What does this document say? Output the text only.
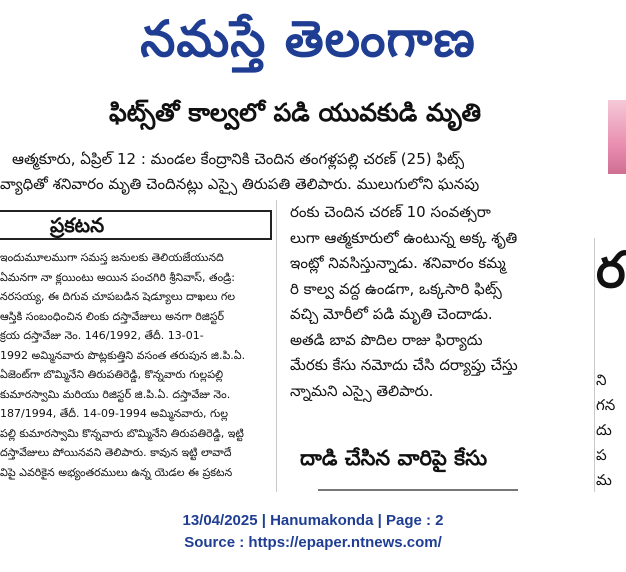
నమస్తే తెలంగాణ
ఫిట్స్‌తో కాల్వలో పడి యువకుడి మృతి
ఆత్మకూరు, ఏప్రిల్ 12 : మండల కేంద్రానికి చెందిన తంగళ్లపల్లి చరణ్ (25) ఫిట్స్
వ్యాధితో శనివారం మృతి చెందినట్లు ఎస్సై తిరుపతి తెలిపారు. ములుగులోని ఘనపు
ప్రకటన
ఇందుమూలముగా సమస్త జనులకు తెలియజేయునది
ఏమనగా నా క్లయింటు అయిన పంచగిరి శ్రీనివాస్, తండ్రి:
నరసయ్య, ఈ దిగువ చూపబడిన షెడ్యూలు దాఖలు గల
ఆస్తికి సంబంధించిన లింకు దస్తావేజులు అనగా రిజిస్టర్
క్రయ దస్తావేజు నెం. 146/1992, తేదీ. 13-01-
1992 అమ్మినవారు పొట్లకుత్తిని వసంత తరుపున జి.పి.ఏ.
ఏజెంట్‌గా బొమ్మినేని తిరుపతిరెడ్డి, కొన్నవారు గుల్లపల్లి
కుమారస్వామి మరియు రిజిస్టర్ జి.పి.ఏ. దస్తావేజు నెం.
187/1994, తేదీ. 14-09-1994 అమ్మినవారు, గుల్ల
పల్లి కుమారస్వామి కొన్నవారు బొమ్మినేని తిరుపతిరెడ్డి, ఇట్టి
దస్తావేజులు పోయినవని తెలిపారు. కావున ఇట్టి లావాదే
విపై ఎవరికైన అభ్యంతరములు ఉన్న యెడల ఈ ప్రకటన
రంకు చెందిన చరణ్ 10 సంవత్సరా
లుగా ఆత్మకూరులో ఉంటున్న అక్క శృతి
ఇంట్లో నివసిస్తున్నాడు. శనివారం కమ్మ
రి కాల్వ వద్ద ఉండగా, ఒక్కసారి ఫిట్స్
వచ్చి మోరీలో పడి మృతి చెందాడు.
అతడి బావ పొదిల రాజు ఫిర్యాదు
మేరకు కేసు నమోదు చేసి దర్యాప్తు చేస్తు
న్నామని ఎస్సై తెలిపారు.
దాడి చేసిన వారిపై కేసు
ర
ని
గన
దు
ప
మ
13/04/2025 | Hanumakonda | Page : 2
Source : https://epaper.ntnews.com/
